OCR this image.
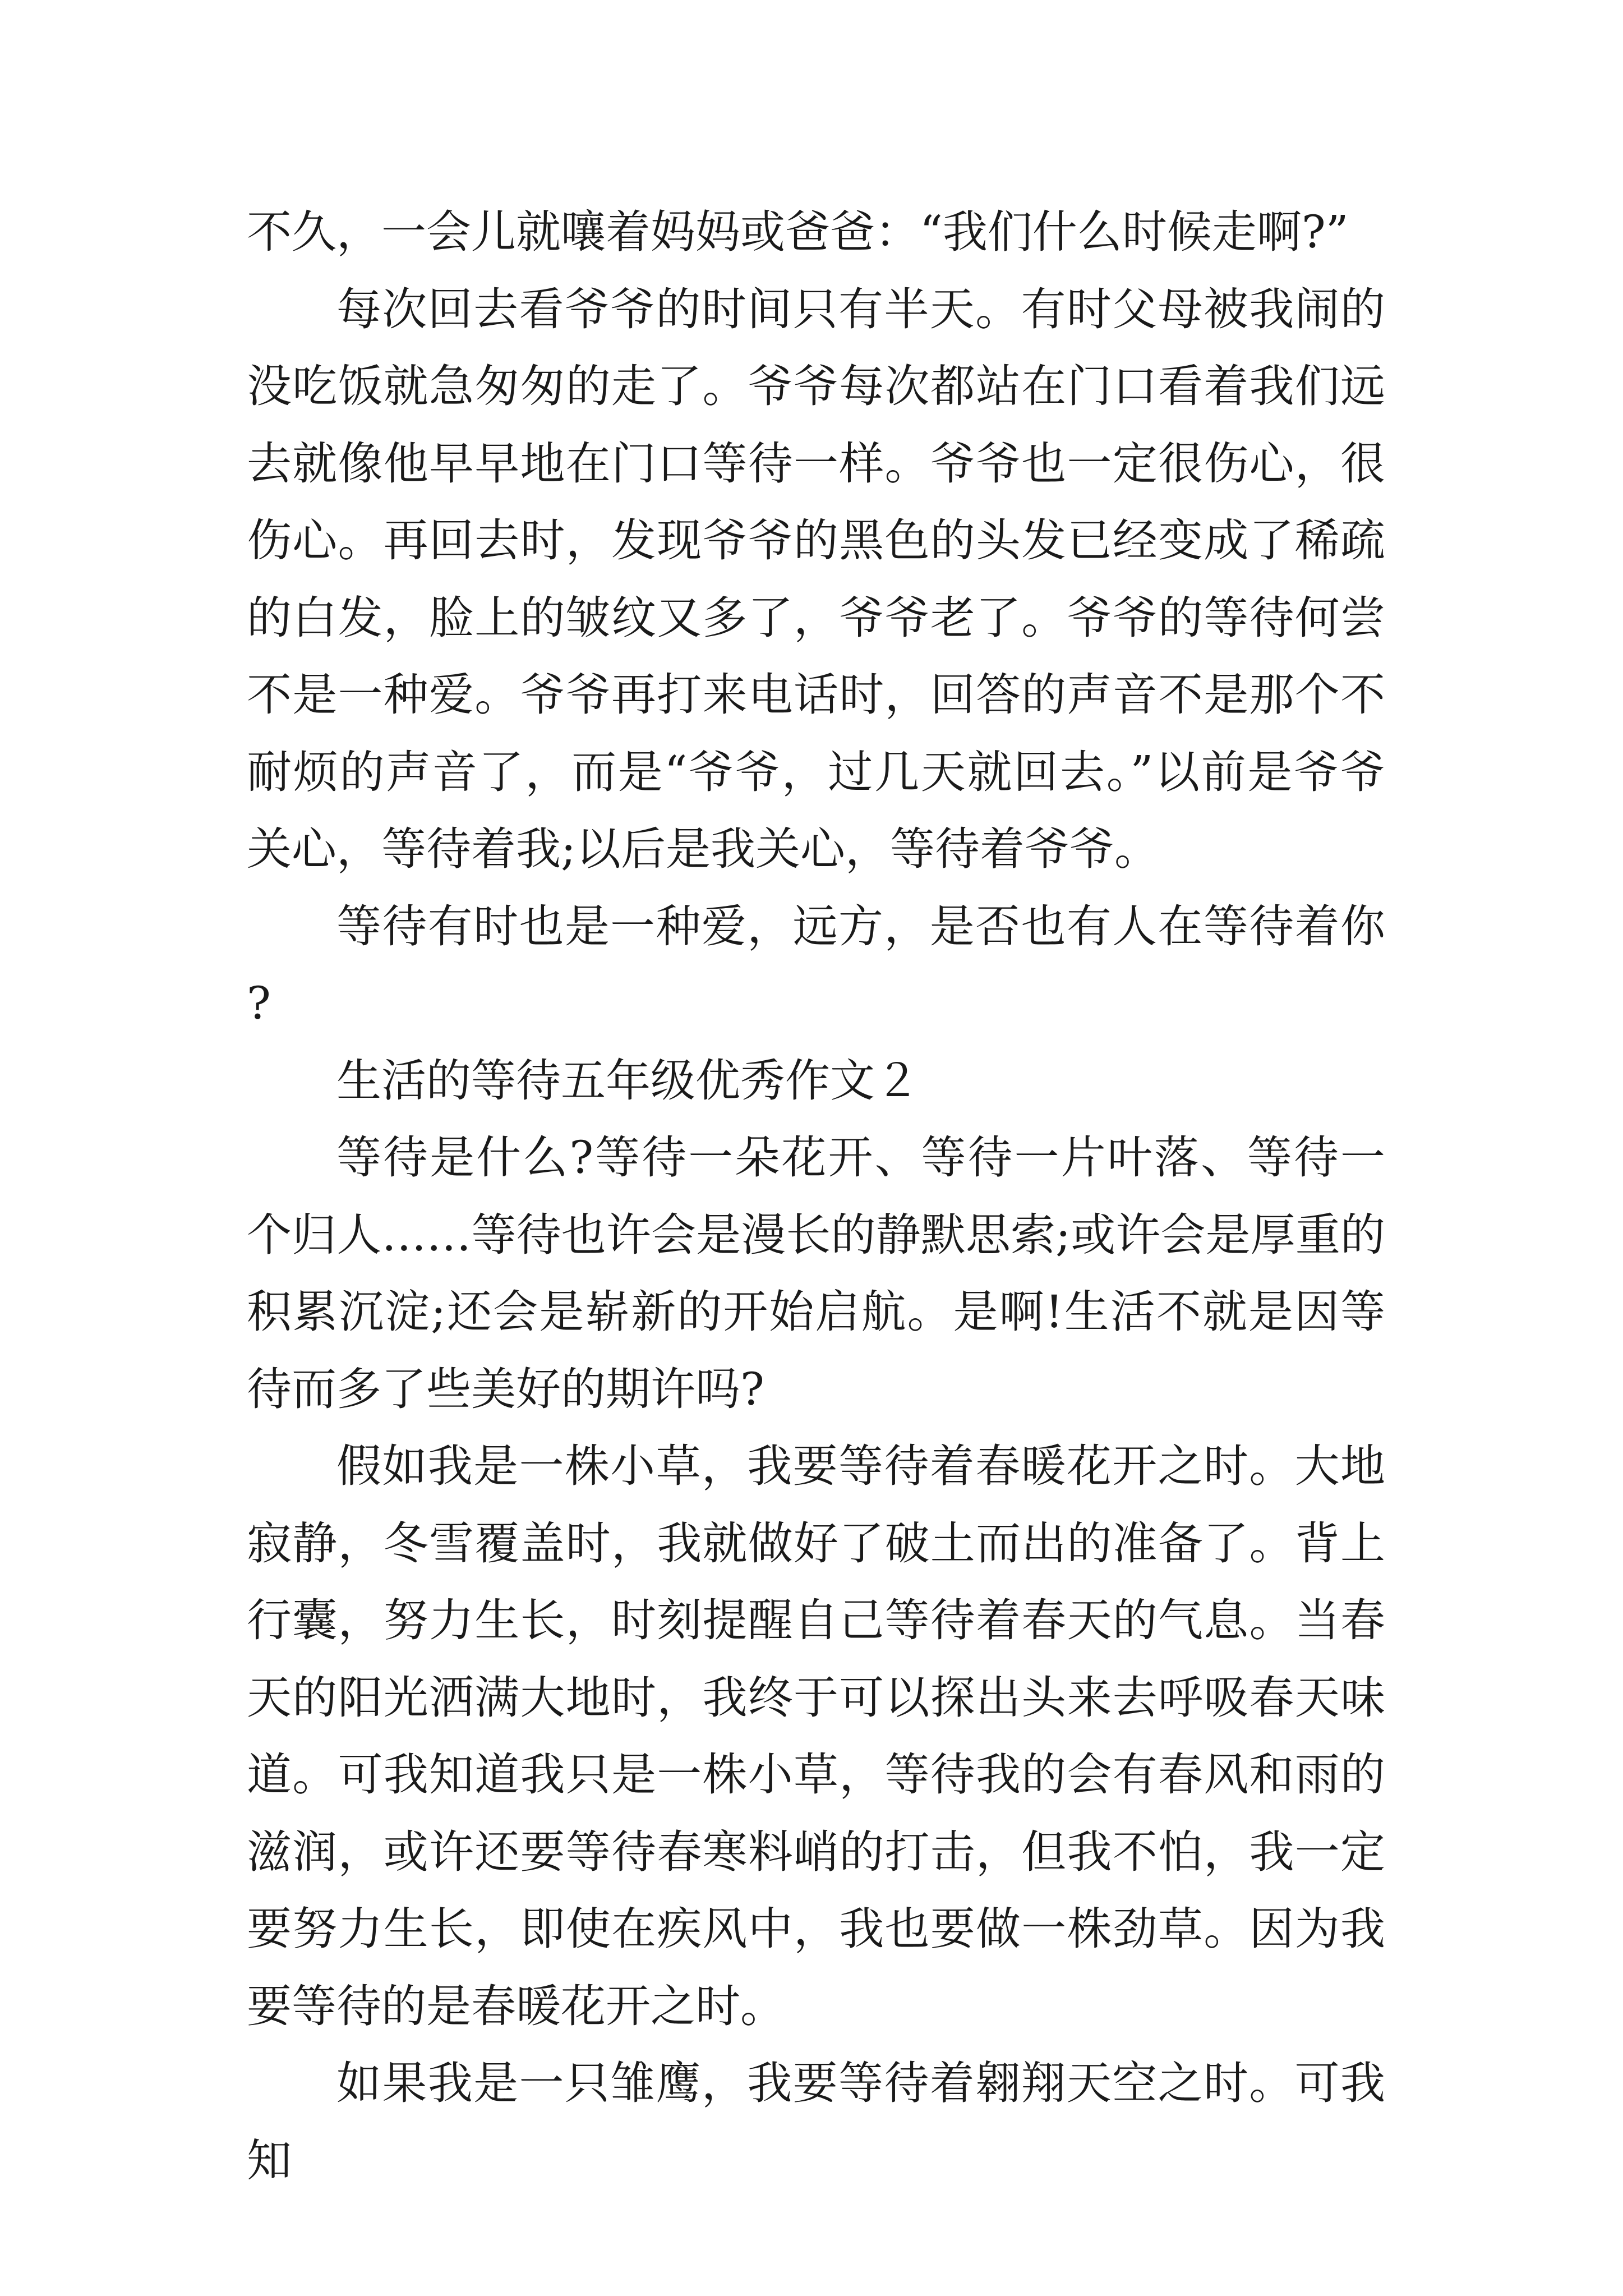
不久，一会儿就嚷着妈妈或爸爸：“我们什么时候走啊?”

每次回去看爷爷的时间只有半天。有时父母被我闹的没吃饭就急匆匆的走了。爷爷每次都站在门口看着我们远去就像他早早地在门口等待一样。爷爷也一定很伤心，很伤心。再回去时，发现爷爷的黑色的头发已经变成了稀疏的白发，脸上的皱纹又多了，爷爷老了。爷爷的等待何尝不是一种爱。爷爷再打来电话时，回答的声音不是那个不耐烦的声音了，而是“爷爷，过几天就回去。”以前是爷爷关心，等待着我;以后是我关心，等待着爷爷。

等待有时也是一种爱，远方，是否也有人在等待着你?

生活的等待五年级优秀作文２

等待是什么?等待一朵花开、等待一片叶落、等待一个归人……等待也许会是漫长的静默思索;或许会是厚重的积累沉淀;还会是崭新的开始启航。是啊!生活不就是因等待而多了些美好的期许吗?

假如我是一株小草，我要等待着春暖花开之时。大地寂静，冬雪覆盖时，我就做好了破土而出的准备了。背上行囊，努力生长，时刻提醒自己等待着春天的气息。当春天的阳光洒满大地时，我终于可以探出头来去呼吸春天味道。可我知道我只是一株小草，等待我的会有春风和雨的滋润，或许还要等待春寒料峭的打击，但我不怕，我一定要努力生长，即使在疾风中，我也要做一株劲草。因为我要等待的是春暖花开之时。

如果我是一只雏鹰，我要等待着翱翔天空之时。可我知
